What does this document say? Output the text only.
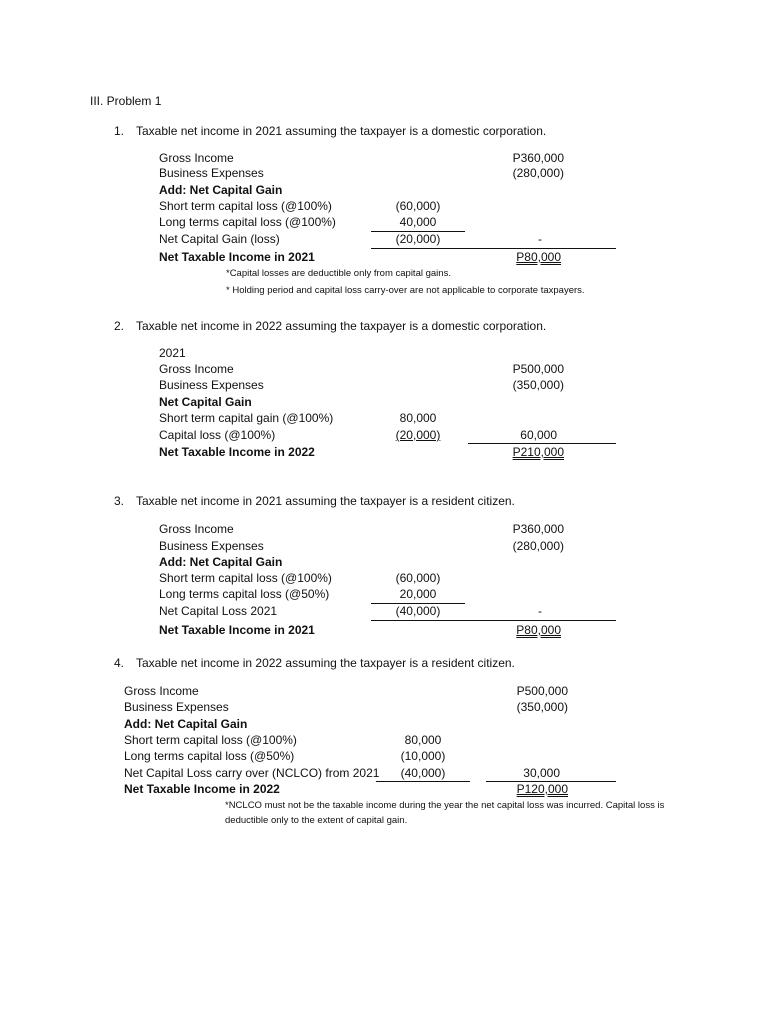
III. Problem 1
1. Taxable net income in 2021 assuming the taxpayer is a domestic corporation.
Gross Income	P360,000
Business Expenses	(280,000)
Add: Net Capital Gain
Short term capital loss (@100%)	(60,000)
Long terms capital loss (@100%)	40,000
Net Capital Gain (loss)	(20,000)	-
Net Taxable Income in 2021	P80,000
*Capital losses are deductible only from capital gains.
* Holding period and capital loss carry-over are not applicable to corporate taxpayers.
2. Taxable net income in 2022 assuming the taxpayer is a domestic corporation.
2021
Gross Income	P500,000
Business Expenses	(350,000)
Net Capital Gain
Short term capital gain (@100%)	80,000
Capital loss (@100%)	(20,000)	60,000
Net Taxable Income in 2022	P210,000
3. Taxable net income in 2021 assuming the taxpayer is a resident citizen.
Gross Income	P360,000
Business Expenses	(280,000)
Add: Net Capital Gain
Short term capital loss (@100%)	(60,000)
Long terms capital loss (@50%)	20,000
Net Capital Loss 2021	(40,000)	-
Net Taxable Income in 2021	P80,000
4. Taxable net income in 2022 assuming the taxpayer is a resident citizen.
Gross Income	P500,000
Business Expenses	(350,000)
Add: Net Capital Gain
Short term capital loss (@100%)	80,000
Long terms capital loss (@50%)	(10,000)
Net Capital Loss carry over (NCLCO) from 2021	(40,000)	30,000
Net Taxable Income in 2022	P120,000
*NCLCO must not be the taxable income during the year the net capital loss was incurred. Capital loss is
deductible only to the extent of capital gain.
